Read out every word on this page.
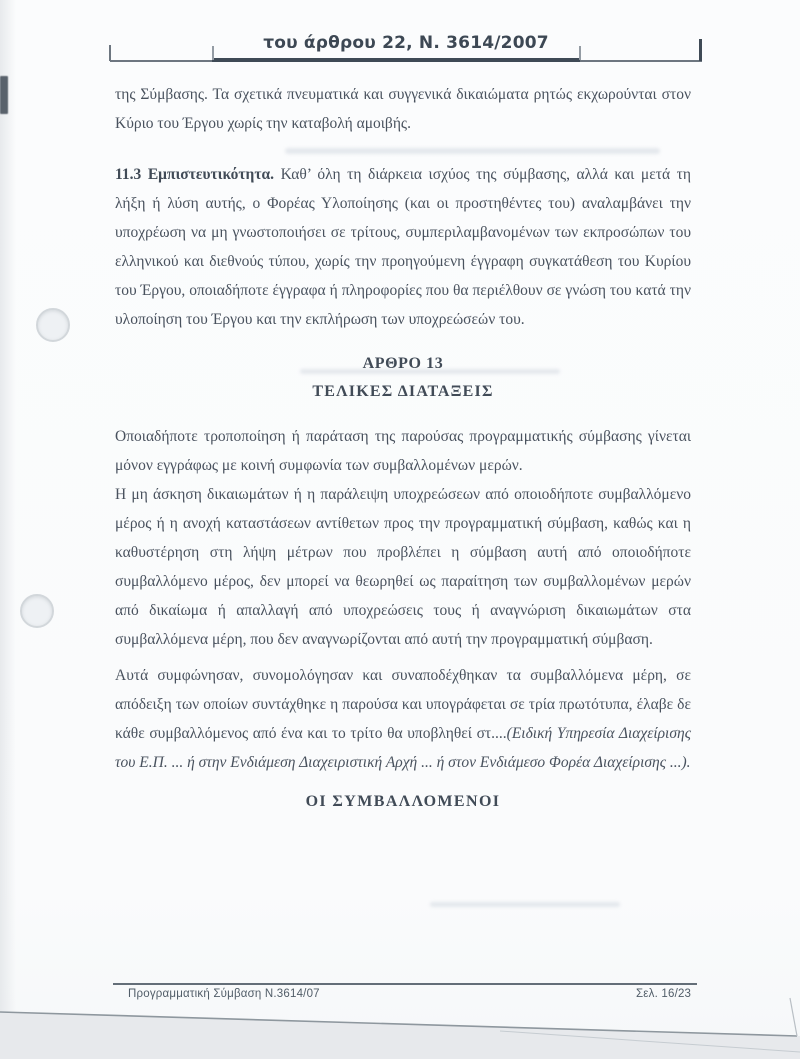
του άρθρου 22, Ν. 3614/2007

της Σύμβασης. Τα σχετικά πνευματικά και συγγενικά δικαιώματα ρητώς εκχωρούνται στον Κύριο του Έργου χωρίς την καταβολή αμοιβής.

11.3 Εμπιστευτικότητα. Καθ’ όλη τη διάρκεια ισχύος της σύμβασης, αλλά και μετά τη λήξη ή λύση αυτής, ο Φορέας Υλοποίησης (και οι προστηθέντες του) αναλαμβάνει την υποχρέωση να μη γνωστοποιήσει σε τρίτους, συμπεριλαμβανομένων των εκπροσώπων του ελληνικού και διεθνούς τύπου, χωρίς την προηγούμενη έγγραφη συγκατάθεση του Κυρίου του Έργου, οποιαδήποτε έγγραφα ή πληροφορίες που θα περιέλθουν σε γνώση του κατά την υλοποίηση του Έργου και την εκπλήρωση των υποχρεώσεών του.

ΑΡΘΡΟ 13
ΤΕΛΙΚΕΣ ΔΙΑΤΑΞΕΙΣ

Οποιαδήποτε τροποποίηση ή παράταση της παρούσας προγραμματικής σύμβασης γίνεται μόνον εγγράφως με κοινή συμφωνία των συμβαλλομένων μερών.

Η μη άσκηση δικαιωμάτων ή η παράλειψη υποχρεώσεων από οποιοδήποτε συμβαλλόμενο μέρος ή η ανοχή καταστάσεων αντίθετων προς την προγραμματική σύμβαση, καθώς και η καθυστέρηση στη λήψη μέτρων που προβλέπει η σύμβαση αυτή από οποιοδήποτε συμβαλλόμενο μέρος, δεν μπορεί να θεωρηθεί ως παραίτηση των συμβαλλομένων μερών από δικαίωμα ή απαλλαγή από υποχρεώσεις τους ή αναγνώριση δικαιωμάτων στα συμβαλλόμενα μέρη, που δεν αναγνωρίζονται από αυτή την προγραμματική σύμβαση.

Αυτά συμφώνησαν, συνομολόγησαν και συναποδέχθηκαν τα συμβαλλόμενα μέρη, σε απόδειξη των οποίων συντάχθηκε η παρούσα και υπογράφεται σε τρία πρωτότυπα, έλαβε δε κάθε συμβαλλόμενος από ένα και το τρίτο θα υποβληθεί στ....(Ειδική Υπηρεσία Διαχείρισης του Ε.Π. ... ή στην Ενδιάμεση Διαχειριστική Αρχή ... ή στον Ενδιάμεσο Φορέα Διαχείρισης ...).

ΟΙ ΣΥΜΒΑΛΛΟΜΕΝΟΙ
Προγραμματική Σύμβαση Ν.3614/07	Σελ. 16/23
